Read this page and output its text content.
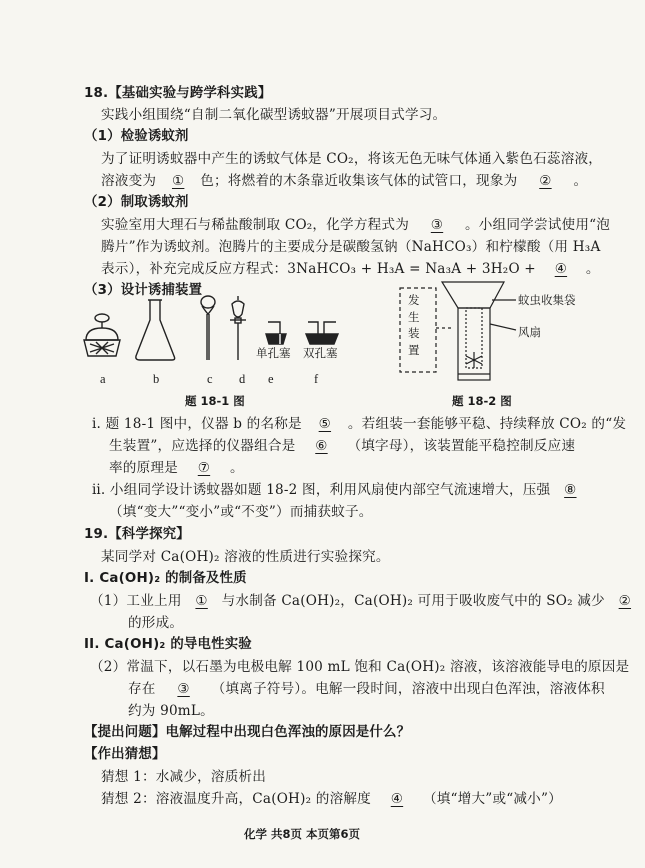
18.【基础实验与跨学科实践】
实践小组围绕“自制二氧化碳型诱蚊器”开展项目式学习。
（1）检验诱蚊剂
为了证明诱蚊器中产生的诱蚊气体是 CO₂，将该无色无味气体通入紫色石蕊溶液，
溶液变为 ① 色；将燃着的木条靠近收集该气体的试管口，现象为 ② 。
（2）制取诱蚊剂
实验室用大理石与稀盐酸制取 CO₂，化学方程式为 ③ 。小组同学尝试使用“泡
腾片”作为诱蚊剂。泡腾片的主要成分是碳酸氢钠（NaHCO₃）和柠檬酸（用 H₃A
表示），补充完成反应方程式：3NaHCO₃ + H₃A = Na₃A + 3H₂O + ④ 。
（3）设计诱捕装置
单孔塞 双孔塞
a	b	c d e	f
题 18-1 图
发
生
装
置
蚊虫收集袋
风扇
题 18-2 图
ⅰ. 题 18-1 图中，仪器 b 的名称是 ⑤ 。若组装一套能够平稳、持续释放 CO₂ 的“发
生装置”，应选择的仪器组合是 ⑥ （填字母），该装置能平稳控制反应速
率的原理是 ⑦ 。
ⅱ. 小组同学设计诱蚊器如题 18-2 图，利用风扇使内部空气流速增大，压强 ⑧
（填“变大”“变小”或“不变”）而捕获蚊子。
19.【科学探究】
某同学对 Ca(OH)₂ 溶液的性质进行实验探究。
I. Ca(OH)₂ 的制备及性质
（1）工业上用 ① 与水制备 Ca(OH)₂，Ca(OH)₂ 可用于吸收废气中的 SO₂ 减少 ②
的形成。
II. Ca(OH)₂ 的导电性实验
（2）常温下，以石墨为电极电解 100 mL 饱和 Ca(OH)₂ 溶液，该溶液能导电的原因是
存在 ③ （填离子符号）。电解一段时间，溶液中出现白色浑浊，溶液体积
约为 90mL。
【提出问题】电解过程中出现白色浑浊的原因是什么？
【作出猜想】
猜想 1：水减少，溶质析出
猜想 2：溶液温度升高，Ca(OH)₂ 的溶解度 ④ （填“增大”或“减小”）
化学 共8页 本页第6页
